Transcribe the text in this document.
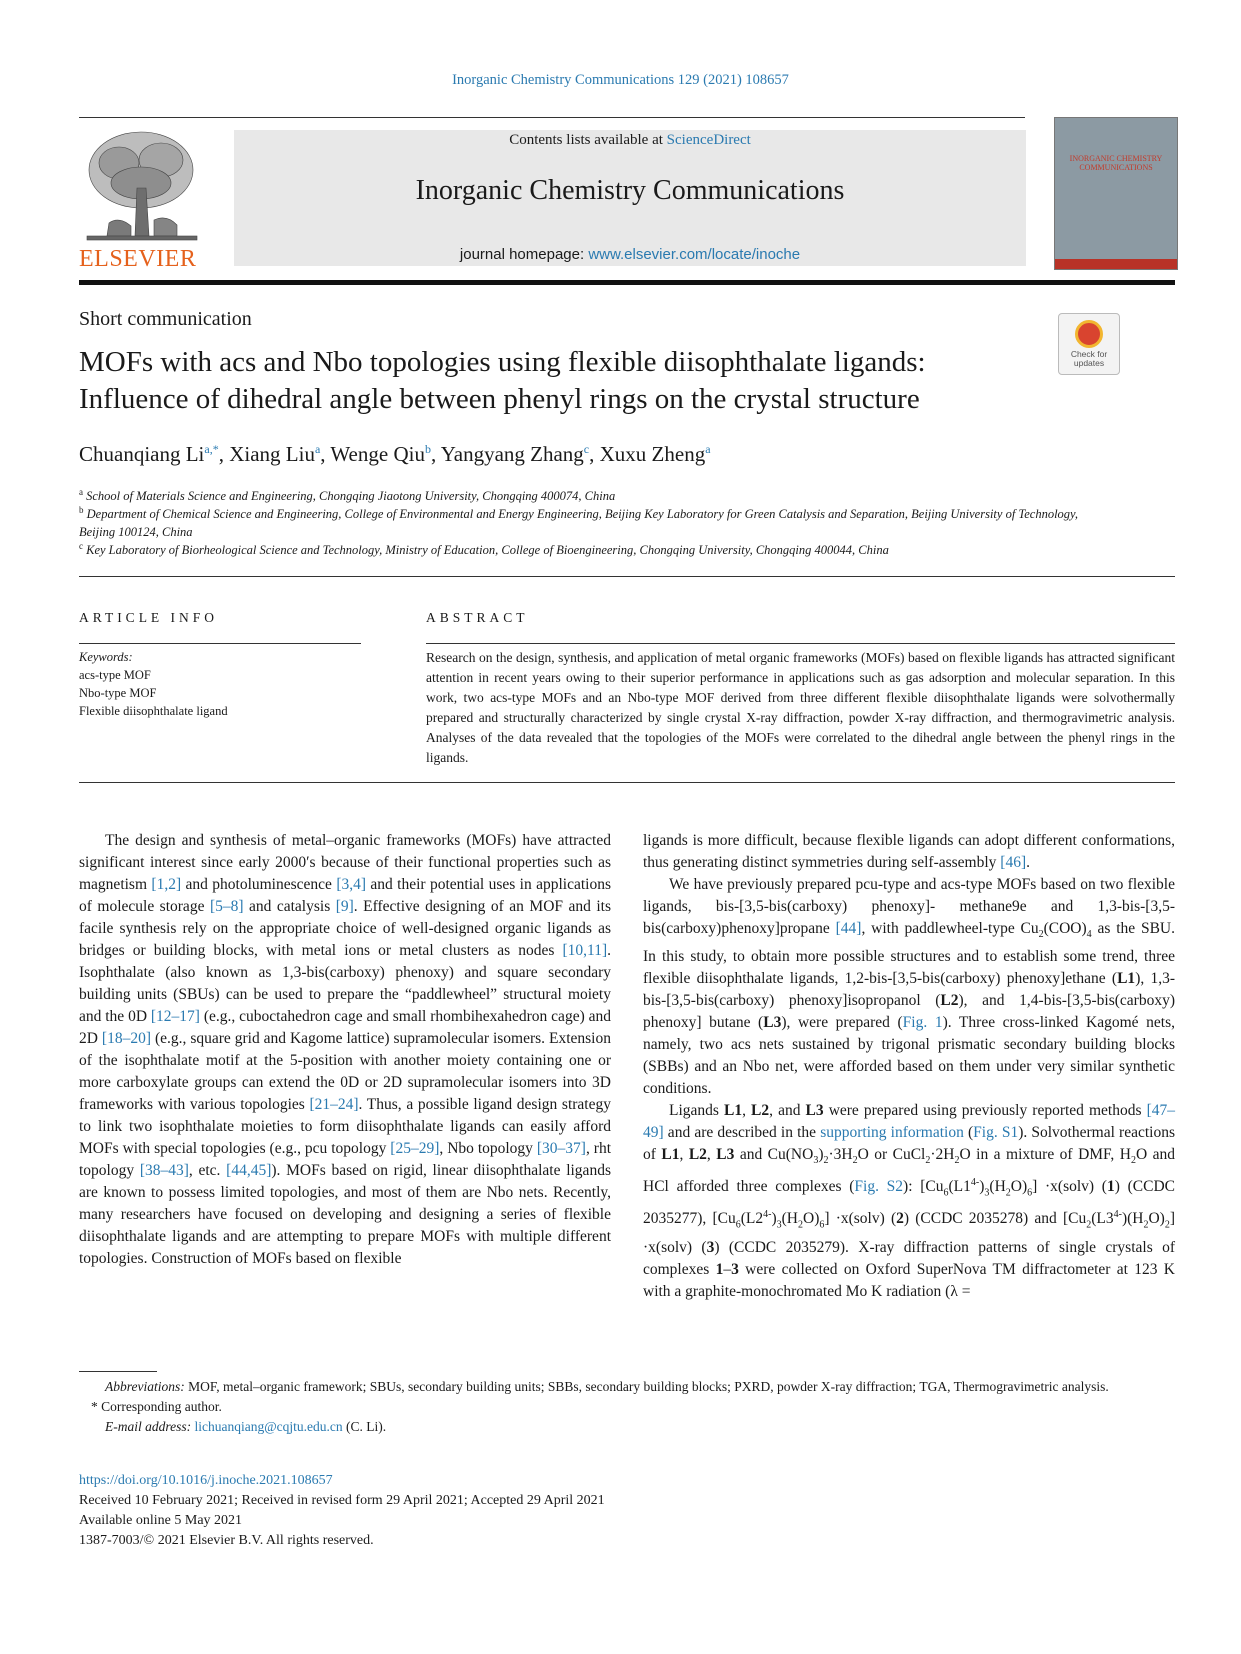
Inorganic Chemistry Communications 129 (2021) 108657
ELSEVIER
Contents lists available at ScienceDirect
Inorganic Chemistry Communications
journal homepage: www.elsevier.com/locate/inoche
INORGANIC CHEMISTRY COMMUNICATIONS
Short communication
MOFs with acs and Nbo topologies using flexible diisophthalate ligands:
Influence of dihedral angle between phenyl rings on the crystal structure
Check for updates
Chuanqiang $Li^{a,*}$, Xiang Liu$^a$, Wenge Qiu$^b$, Yangyang Zhang$^c$, Xuxu Zheng$^a$
$^a$ School of Materials Science and Engineering, Chongqing Jiaotong University, Chongqing 400074, China
$^b$ Department of Chemical Science and Engineering, College of Environmental and Energy Engineering, Beijing Key Laboratory for Green Catalysis and Separation, Beijing University of Technology, Beijing 100124, China
$^c$ Key Laboratory of Biorheological Science and Technology, Ministry of Education, College of Bioengineering, Chongqing University, Chongqing 400044, China
ARTICLE INFO	ABSTRACT
Keywords:
acs-type MOF
Nbo-type MOF
Flexible diisophthalate ligand
Research on the design, synthesis, and application of metal organic frameworks (MOFs) based on flexible ligands has attracted significant attention in recent years owing to their superior performance in applications such as gas adsorption and molecular separation. In this work, two acs-type MOFs and an Nbo-type MOF derived from three different flexible diisophthalate ligands were solvothermally prepared and structurally characterized by single crystal X-ray diffraction, powder X-ray diffraction, and thermogravimetric analysis. Analyses of the data revealed that the topologies of the MOFs were correlated to the dihedral angle between the phenyl rings in the ligands.

The design and synthesis of metal–organic frameworks (MOFs) have attracted significant interest since early 2000′s because of their functional properties such as magnetism [1,2] and photoluminescence [3,4] and their potential uses in applications of molecule storage [5–8] and catalysis [9]. Effective designing of an MOF and its facile synthesis rely on the appropriate choice of well-designed organic ligands as bridges or building blocks, with metal ions or metal clusters as nodes [10,11]. Isophthalate (also known as 1,3-bis(carboxy) phenoxy) and square secondary building units (SBUs) can be used to prepare the “paddlewheel” structural moiety and the 0D [12–17] (e.g., cuboctahedron cage and small rhombihexahedron cage) and 2D [18–20] (e.g., square grid and Kagome lattice) supramolecular isomers. Extension of the isophthalate motif at the 5-position with another moiety containing one or more carboxylate groups can extend the 0D or 2D supramolecular isomers into 3D frameworks with various topologies [21–24]. Thus, a possible ligand design strategy to link two isophthalate moieties to form diisophthalate ligands can easily afford MOFs with special topologies (e.g., pcu topology [25–29], Nbo topology [30–37], rht topology [38–43], etc. [44,45]). MOFs based on rigid, linear diisophthalate ligands are known to possess limited topologies, and most of them are Nbo nets. Recently, many researchers have focused on developing and designing a series of flexible diisophthalate ligands and are attempting to prepare MOFs with multiple different topologies. Construction of MOFs based on flexible

ligands is more difficult, because flexible ligands can adopt different conformations, thus generating distinct symmetries during self-assembly [46].

We have previously prepared pcu-type and acs-type MOFs based on two flexible ligands, bis-[3,5-bis(carboxy) phenoxy]- methane9e and 1,3-bis-[3,5-bis(carboxy)phenoxy]propane [44], with paddlewheel-type $Cu_2(COO)_4$ as the SBU. In this study, to obtain more possible structures and to establish some trend, three flexible diisophthalate ligands, 1,2-bis-[3,5-bis(carboxy) phenoxy]ethane (L1), 1,3-bis-[3,5-bis(carboxy) phenoxy]isopropanol (L2), and 1,4-bis-[3,5-bis(carboxy) phenoxy] butane (L3), were prepared (Fig. 1). Three cross-linked Kagomé nets, namely, two acs nets sustained by trigonal prismatic secondary building blocks (SBBs) and an Nbo net, were afforded based on them under very similar synthetic conditions.

Ligands L1, L2, and L3 were prepared using previously reported methods [47–49] and are described in the supporting information (Fig. S1). Solvothermal reactions of L1, L2, L3 and $Cu(NO_3)_2\cdot 3H_2O$ or $CuCl_2\cdot 2H_2O$ in a mixture of DMF, $H_2O$ and HCl afforded three complexes (Fig. S2): $[Cu_6(L1^{4-})_3(H_2O)_6]$ ·x(solv) (1) (CCDC 2035277), $[Cu_6(L2^{4-})_3(H_2O)_6]$ ·x(solv) (2) (CCDC 2035278) and $[Cu_2(L3^{4-})(H_2O)_2]$ ·x(solv) (3) (CCDC 2035279). X-ray diffraction patterns of single crystals of complexes 1–3 were collected on Oxford SuperNova TM diffractometer at 123 K with a graphite-monochromated Mo K radiation (λ =

Abbreviations: MOF, metal–organic framework; SBUs, secondary building units; SBBs, secondary building blocks; PXRD, powder X-ray diffraction; TGA, Thermogravimetric analysis.

* Corresponding author.

E-mail address: lichuanqiang@cqjtu.edu.cn (C. Li).

https://doi.org/10.1016/j.inoche.2021.108657
Received 10 February 2021; Received in revised form 29 April 2021; Accepted 29 April 2021
Available online 5 May 2021
1387-7003/© 2021 Elsevier B.V. All rights reserved.
